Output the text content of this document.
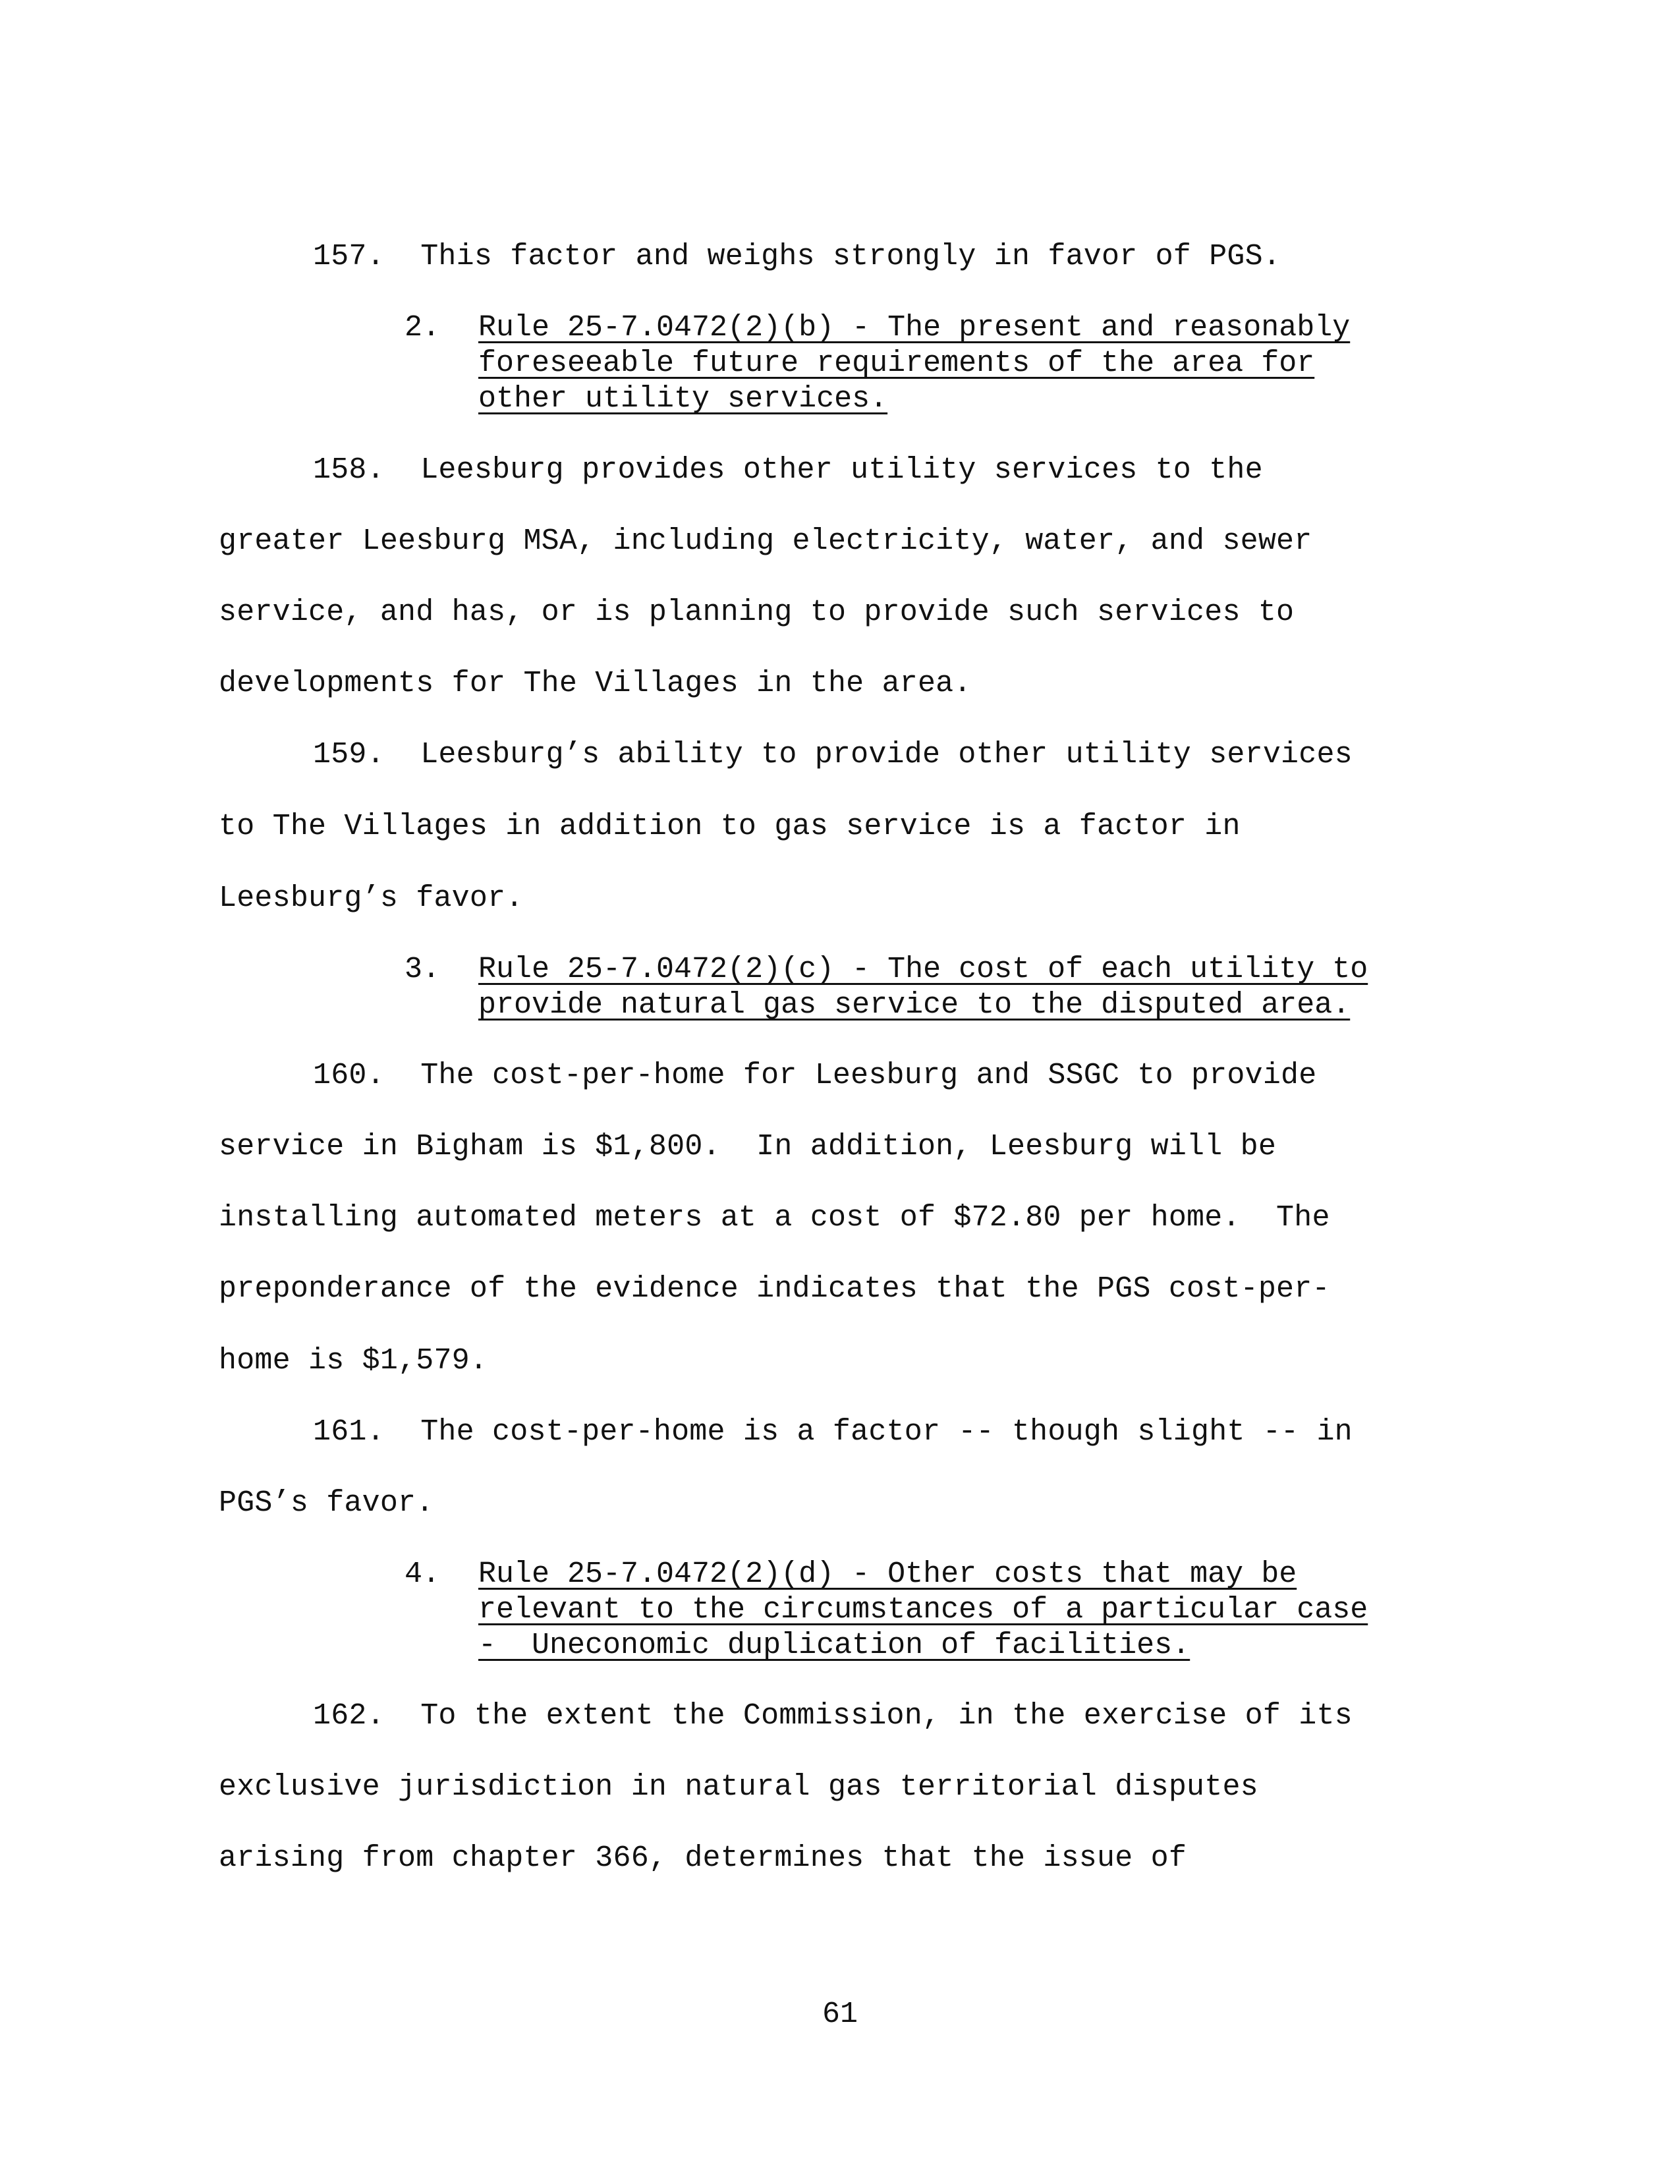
157.  This factor and weighs strongly in favor of PGS.
2. Rule 25-7.0472(2)(b) - The present and reasonably
foreseeable future requirements of the area for
other utility services.
158.  Leesburg provides other utility services to the
greater Leesburg MSA, including electricity, water, and sewer
service, and has, or is planning to provide such services to
developments for The Villages in the area.
159.  Leesburg’s ability to provide other utility services
to The Villages in addition to gas service is a factor in
Leesburg’s favor.
3. Rule 25-7.0472(2)(c) - The cost of each utility to
provide natural gas service to the disputed area.
160.  The cost-per-home for Leesburg and SSGC to provide
service in Bigham is $1,800.  In addition, Leesburg will be
installing automated meters at a cost of $72.80 per home.  The
preponderance of the evidence indicates that the PGS cost-per-
home is $1,579.
161.  The cost-per-home is a factor -- though slight -- in
PGS’s favor.
4. Rule 25-7.0472(2)(d) - Other costs that may be
relevant to the circumstances of a particular case
-  Uneconomic duplication of facilities.
162.  To the extent the Commission, in the exercise of its
exclusive jurisdiction in natural gas territorial disputes
arising from chapter 366, determines that the issue of
61
